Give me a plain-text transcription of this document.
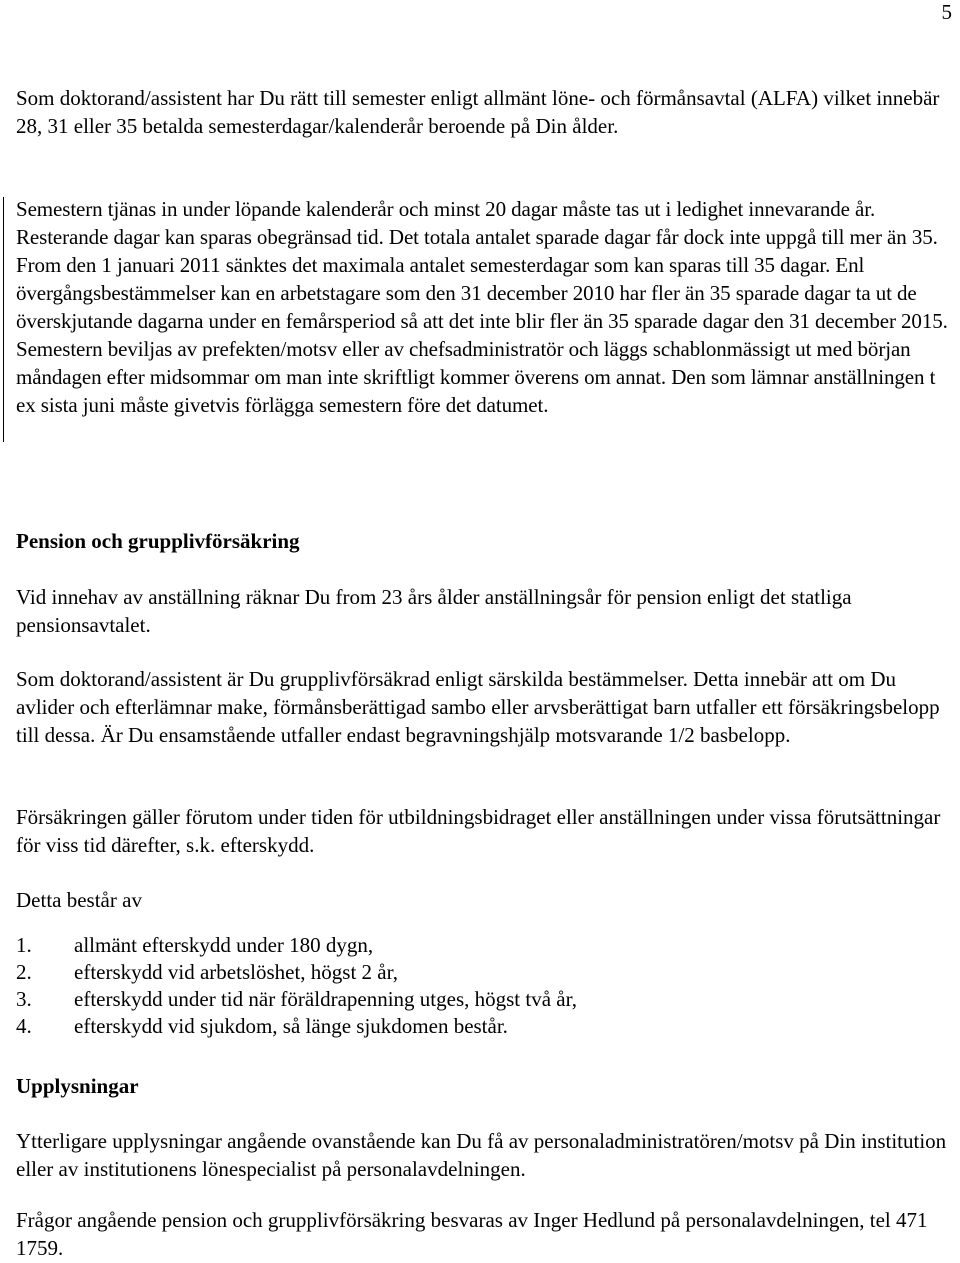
5

Som doktorand/assistent har Du rätt till semester enligt allmänt löne- och förmånsavtal (ALFA) vilket innebär 28, 31 eller 35 betalda semesterdagar/kalenderår beroende på Din ålder.

Semestern tjänas in under löpande kalenderår och minst 20 dagar måste tas ut i ledighet innevarande år. Resterande dagar kan sparas obegränsad tid. Det totala antalet sparade dagar får dock inte uppgå till mer än 35. From den 1 januari 2011 sänktes det maximala antalet semesterdagar som kan sparas till 35 dagar. Enl övergångsbestämmelser kan en arbetstagare som den 31 december 2010 har fler än 35 sparade dagar ta ut de överskjutande dagarna under en femårsperiod så att det inte blir fler än 35 sparade dagar den 31 december 2015. Semestern beviljas av prefekten/motsv eller av chefsadministratör och läggs schablonmässigt ut med början måndagen efter midsommar om man inte skriftligt kommer överens om annat. Den som lämnar anställningen t ex sista juni måste givetvis förlägga semestern före det datumet.

Pension och grupplivförsäkring

Vid innehav av anställning räknar Du from 23 års ålder anställningsår för pension enligt det statliga pensionsavtalet.

Som doktorand/assistent är Du grupplivförsäkrad enligt särskilda bestämmelser. Detta innebär att om Du avlider och efterlämnar make, förmånsberättigad sambo eller arvsberättigat barn utfaller ett försäkringsbelopp till dessa. Är Du ensamstående utfaller endast begravningshjälp motsvarande 1/2 basbelopp.

Försäkringen gäller förutom under tiden för utbildningsbidraget eller anställningen under vissa förutsättningar för viss tid därefter, s.k. efterskydd.

Detta består av

1.	allmänt efterskydd under 180 dygn,
2.	efterskydd vid arbetslöshet, högst 2 år,
3.	efterskydd under tid när föräldrapenning utges, högst två år,
4.	efterskydd vid sjukdom, så länge sjukdomen består.
Upplysningar

Ytterligare upplysningar angående ovanstående kan Du få av personaladministratören/motsv på Din institution eller av institutionens lönespecialist på personalavdelningen.

Frågor angående pension och grupplivförsäkring besvaras av Inger Hedlund på personalavdelningen, tel 471 1759.
